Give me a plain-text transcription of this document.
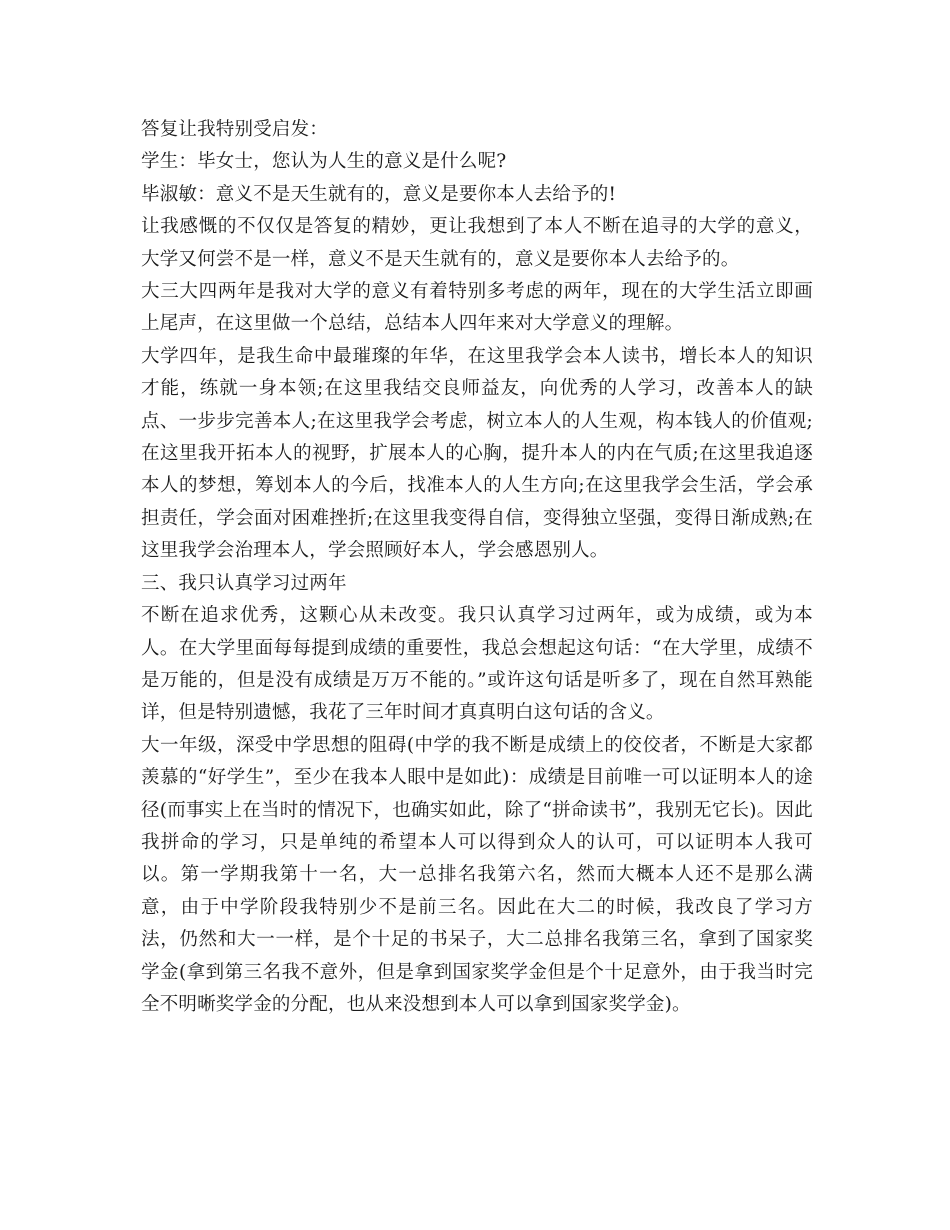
答复让我特别受启发：

学生：毕女士，您认为人生的意义是什么呢?

毕淑敏：意义不是天生就有的，意义是要你本人去给予的!

让我感慨的不仅仅是答复的精妙，更让我想到了本人不断在追寻的大学的意义，大学又何尝不是一样，意义不是天生就有的，意义是要你本人去给予的。

大三大四两年是我对大学的意义有着特别多考虑的两年，现在的大学生活立即画上尾声，在这里做一个总结，总结本人四年来对大学意义的理解。

大学四年，是我生命中最璀璨的年华，在这里我学会本人读书，增长本人的知识才能，练就一身本领;在这里我结交良师益友，向优秀的人学习，改善本人的缺点、一步步完善本人;在这里我学会考虑，树立本人的人生观，构本钱人的价值观;在这里我开拓本人的视野，扩展本人的心胸，提升本人的内在气质;在这里我追逐本人的梦想，筹划本人的今后，找准本人的人生方向;在这里我学会生活，学会承担责任，学会面对困难挫折;在这里我变得自信，变得独立坚强，变得日渐成熟;在这里我学会治理本人，学会照顾好本人，学会感恩别人。

三、我只认真学习过两年

不断在追求优秀，这颗心从未改变。我只认真学习过两年，或为成绩，或为本人。在大学里面每每提到成绩的重要性，我总会想起这句话：“在大学里，成绩不是万能的，但是没有成绩是万万不能的。”或许这句话是听多了，现在自然耳熟能详，但是特别遗憾，我花了三年时间才真真明白这句话的含义。

大一年级，深受中学思想的阻碍(中学的我不断是成绩上的佼佼者，不断是大家都羡慕的“好学生”，至少在我本人眼中是如此)：成绩是目前唯一可以证明本人的途径(而事实上在当时的情况下，也确实如此，除了“拼命读书”，我别无它长)。因此我拼命的学习，只是单纯的希望本人可以得到众人的认可，可以证明本人我可以。第一学期我第十一名，大一总排名我第六名，然而大概本人还不是那么满意，由于中学阶段我特别少不是前三名。因此在大二的时候，我改良了学习方法，仍然和大一一样，是个十足的书呆子，大二总排名我第三名，拿到了国家奖学金(拿到第三名我不意外，但是拿到国家奖学金但是个十足意外，由于我当时完全不明晰奖学金的分配，也从来没想到本人可以拿到国家奖学金)。
